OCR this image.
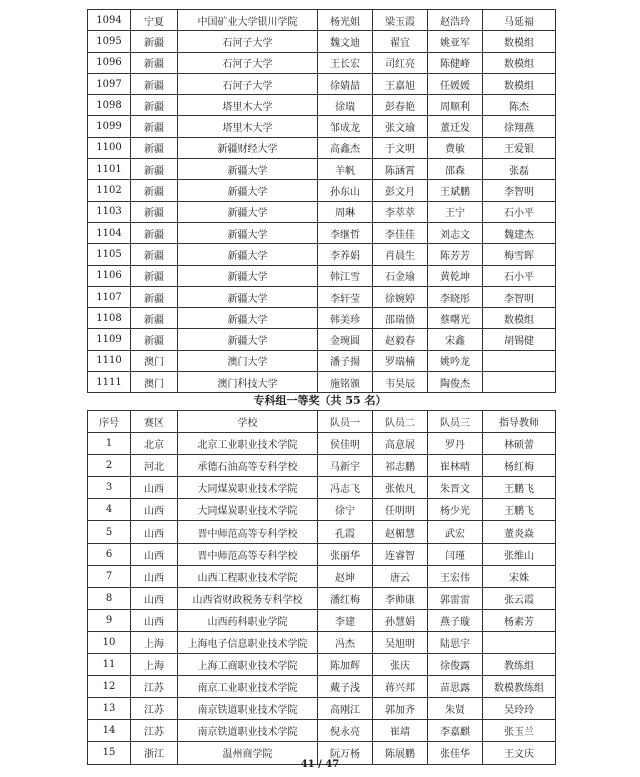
1094	宁夏	中国矿业大学银川学院	杨光姐	梁玉霞	赵浩玲	马延福
1095	新疆	石河子大学	魏文迪	翟宜	姚亚军	数模组
1096	新疆	石河子大学	王长宏	司红亮	陈健峰	数模组
1097	新疆	石河子大学	徐婧喆	王嘉旭	任媛媛	数模组
1098	新疆	塔里木大学	徐瑞	彭春艳	周顺利	陈杰
1099	新疆	塔里木大学	邹成龙	张文瑜	董迁发	徐翔燕
1100	新疆	新疆财经大学	高鑫杰	于文明	费敏	王爱银
1101	新疆	新疆大学	羊帆	陈涵霄	邵森	张磊
1102	新疆	新疆大学	孙东山	彭文月	王斌鹏	李智明
1103	新疆	新疆大学	周琳	李萃萃	王宁	石小平
1104	新疆	新疆大学	李继哲	李佳佳	刘志文	魏建杰
1105	新疆	新疆大学	李养娟	肖晨生	陈芳芳	梅雪晖
1106	新疆	新疆大学	韩江雪	石金瑜	黄乾坤	石小平
1107	新疆	新疆大学	李轩莹	徐婉婷	李晓彤	李智明
1108	新疆	新疆大学	韩美珍	邵瑞偾	蔡曙光	数模组
1109	新疆	新疆大学	金琬圆	赵毅春	宋鑫	胡锡健
1110	澳门	澳门大学	潘子揚	罗瑞楠	姚吟龙	
1111	澳门	澳门科技大学	施铭颁	韦昊辰	陶俊杰	
专科组一等奖（共 55 名）
序号	赛区	学校	队员一	队员二	队员三	指导教师
1	北京	北京工业职业技术学院	侯佳明	高意展	罗丹	林硕蕾
2	河北	承德石油高等专科学校	马新宇	祁志鹏	崔林晴	杨红梅
3	山西	大同煤炭职业技术学院	冯志飞	张侬凡	朱晋文	王鹏飞
4	山西	大同煤炭职业技术学院	徐宁	任明明	杨少光	王鹏飞
5	山西	晋中师范高等专科学校	孔霞	赵楣慧	武宏	董炎焱
6	山西	晋中师范高等专科学校	张丽华	连睿智	闫瑾	张维山
7	山西	山西工程职业技术学院	赵坤	唐云	王宏伟	宋姝
8	山西	山西省财政税务专科学校	潘红梅	李帅康	郭雷雷	张云霞
9	山西	山西药科职业学院	李建	孙慧娟	燕子璇	杨素芳
10	上海	上海电子信息职业技术学院	冯杰	吴旭明	陆思宇	
11	上海	上海工商职业技术学院	陈加辉	张庆	徐俊露	教练组
12	江苏	南京工业职业技术学院	戴子浅	蒋兴邦	苗思露	数模教练组
13	江苏	南京铁道职业技术学院	高刚江	郭加齐	朱贤	吴玲玲
14	江苏	南京铁道职业技术学院	倪永亮	崔靖	李嘉麒	张玉兰
15	浙江	温州商学院	阮万杨	陈展鹏	张佳华	王文庆
41 / 47
